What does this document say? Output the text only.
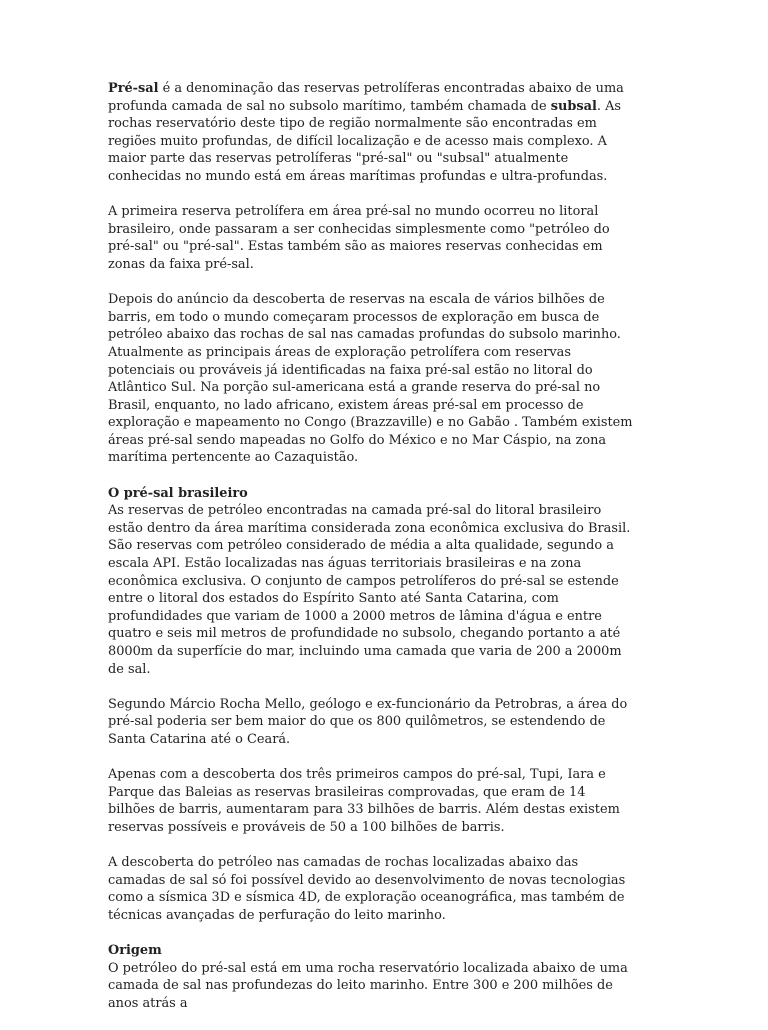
Pré-sal é a denominação das reservas petrolíferas encontradas abaixo de uma profunda camada de sal no subsolo marítimo, também chamada de subsal. As rochas reservatório deste tipo de região normalmente são encontradas em regiões muito profundas, de difícil localização e de acesso mais complexo. A maior parte das reservas petrolíferas "pré-sal" ou "subsal" atualmente conhecidas no mundo está em áreas marítimas profundas e ultra-profundas.

A primeira reserva petrolífera em área pré-sal no mundo ocorreu no litoral brasileiro, onde passaram a ser conhecidas simplesmente como "petróleo do pré-sal" ou "pré-sal". Estas também são as maiores reservas conhecidas em zonas da faixa pré-sal.

Depois do anúncio da descoberta de reservas na escala de vários bilhões de barris, em todo o mundo começaram processos de exploração em busca de petróleo abaixo das rochas de sal nas camadas profundas do subsolo marinho. Atualmente as principais áreas de exploração petrolífera com reservas potenciais ou prováveis já identificadas na faixa pré-sal estão no litoral do Atlântico Sul. Na porção sul-americana está a grande reserva do pré-sal no Brasil, enquanto, no lado africano, existem áreas pré-sal em processo de exploração e mapeamento no Congo (Brazzaville) e no Gabão . Também existem áreas pré-sal sendo mapeadas no Golfo do México e no Mar Cáspio, na zona marítima pertencente ao Cazaquistão.

O pré-sal brasileiro

As reservas de petróleo encontradas na camada pré-sal do litoral brasileiro estão dentro da área marítima considerada zona econômica exclusiva do Brasil. São reservas com petróleo considerado de média a alta qualidade, segundo a escala API. Estão localizadas nas águas territoriais brasileiras e na zona econômica exclusiva. O conjunto de campos petrolíferos do pré-sal se estende entre o litoral dos estados do Espírito Santo até Santa Catarina, com profundidades que variam de 1000 a 2000 metros de lâmina d'água e entre quatro e seis mil metros de profundidade no subsolo, chegando portanto a até 8000m da superfície do mar, incluindo uma camada que varia de 200 a 2000m de sal.

Segundo Márcio Rocha Mello, geólogo e ex-funcionário da Petrobras, a área do pré-sal poderia ser bem maior do que os 800 quilômetros, se estendendo de Santa Catarina até o Ceará.

Apenas com a descoberta dos três primeiros campos do pré-sal, Tupi, Iara e Parque das Baleias as reservas brasileiras comprovadas, que eram de 14 bilhões de barris, aumentaram para 33 bilhões de barris. Além destas existem reservas possíveis e prováveis de 50 a 100 bilhões de barris.

A descoberta do petróleo nas camadas de rochas localizadas abaixo das camadas de sal só foi possível devido ao desenvolvimento de novas tecnologias como a sísmica 3D e sísmica 4D, de exploração oceanográfica, mas também de técnicas avançadas de perfuração do leito marinho.

Origem

O petróleo do pré-sal está em uma rocha reservatório localizada abaixo de uma camada de sal nas profundezas do leito marinho. Entre 300 e 200 milhões de anos atrás a
